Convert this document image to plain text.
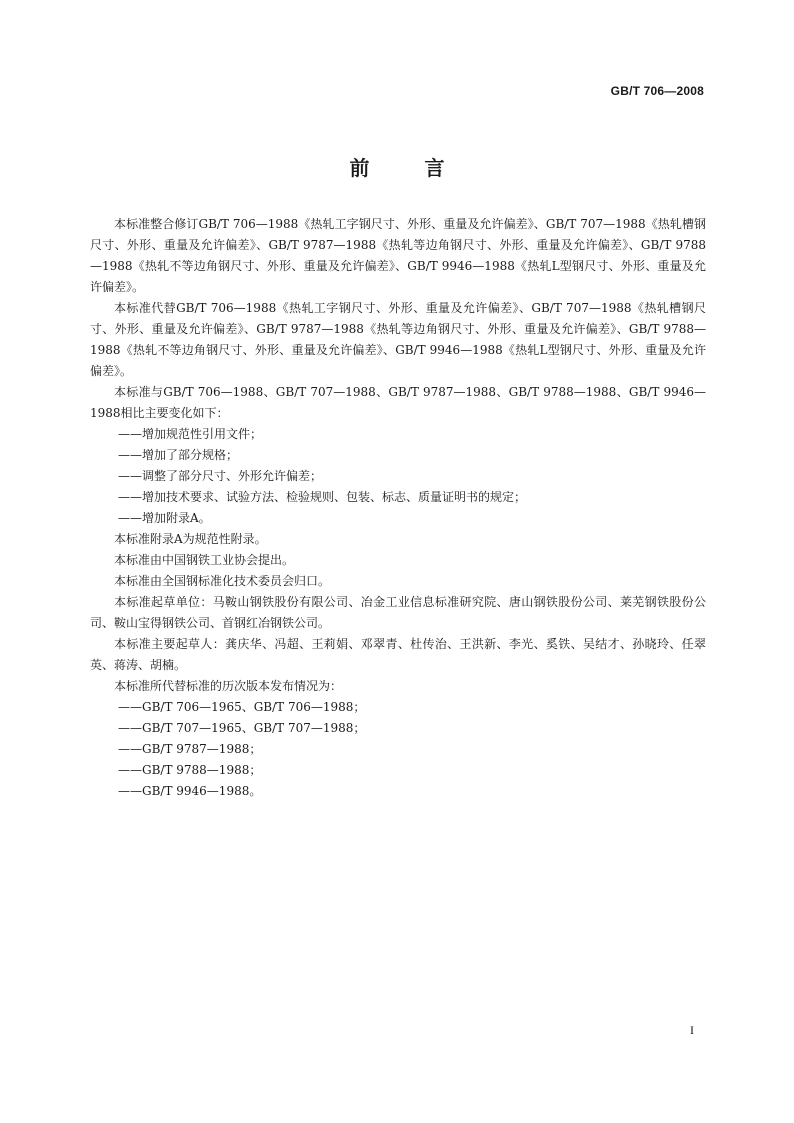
GB/T 706—2008
前 言

本标准整合修订GB/T 706—1988《热轧工字钢尺寸、外形、重量及允许偏差》、GB/T 707—1988《热轧槽钢尺寸、外形、重量及允许偏差》、GB/T 9787—1988《热轧等边角钢尺寸、外形、重量及允许偏差》、GB/T 9788—1988《热轧不等边角钢尺寸、外形、重量及允许偏差》、GB/T 9946—1988《热轧L型钢尺寸、外形、重量及允许偏差》。

本标准代替GB/T 706—1988《热轧工字钢尺寸、外形、重量及允许偏差》、GB/T 707—1988《热轧槽钢尺寸、外形、重量及允许偏差》、GB/T 9787—1988《热轧等边角钢尺寸、外形、重量及允许偏差》、GB/T 9788—1988《热轧不等边角钢尺寸、外形、重量及允许偏差》、GB/T 9946—1988《热轧L型钢尺寸、外形、重量及允许偏差》。

本标准与GB/T 706—1988、GB/T 707—1988、GB/T 9787—1988、GB/T 9788—1988、GB/T 9946—1988相比主要变化如下：

——增加规范性引用文件；

——增加了部分规格；

——调整了部分尺寸、外形允许偏差；

——增加技术要求、试验方法、检验规则、包装、标志、质量证明书的规定；

——增加附录A。

本标准附录A为规范性附录。

本标准由中国钢铁工业协会提出。

本标准由全国钢标准化技术委员会归口。

本标准起草单位：马鞍山钢铁股份有限公司、冶金工业信息标准研究院、唐山钢铁股份公司、莱芜钢铁股份公司、鞍山宝得钢铁公司、首钢红冶钢铁公司。

本标准主要起草人：龚庆华、冯超、王莉娟、邓翠青、杜传治、王洪新、李光、奚铁、吴结才、孙晓玲、任翠英、蒋涛、胡楠。

本标准所代替标准的历次版本发布情况为：

——GB/T 706—1965、GB/T 706—1988；

——GB/T 707—1965、GB/T 707—1988；

——GB/T 9787—1988；

——GB/T 9788—1988；

——GB/T 9946—1988。

I
